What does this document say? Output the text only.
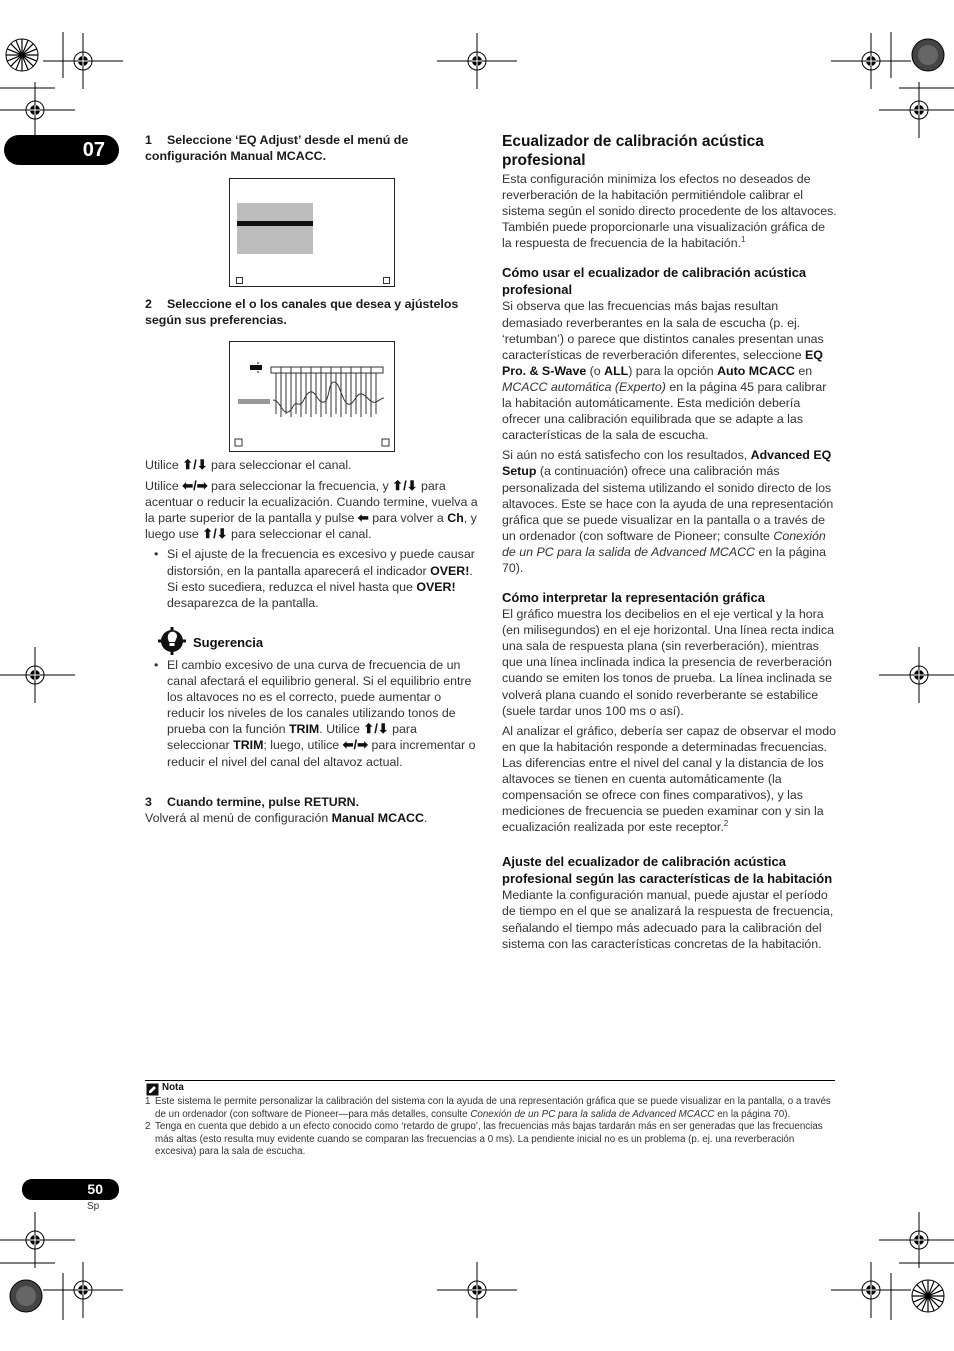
07	1 Seleccione ‘EQ Adjust’ desde el menú de configuración Manual MCACC.
2 Seleccione el o los canales que desea y ajústelos según sus preferencias.

Utilice ⬆/⬇ para seleccionar el canal.

Utilice ⬅/➡ para seleccionar la frecuencia, y ⬆/⬇ para acentuar o reducir la ecualización. Cuando termine, vuelva a la parte superior de la pantalla y pulse ⬅ para volver a Ch, y luego use ⬆/⬇ para seleccionar el canal.

• Si el ajuste de la frecuencia es excesivo y puede causar distorsión, en la pantalla aparecerá el indicador OVER!. Si esto sucediera, reduzca el nivel hasta que OVER! desaparezca de la pantalla.
Sugerencia
• El cambio excesivo de una curva de frecuencia de un canal afectará el equilibrio general. Si el equilibrio entre los altavoces no es el correcto, puede aumentar o reducir los niveles de los canales utilizando tonos de prueba con la función TRIM. Utilice ⬆/⬇ para seleccionar TRIM; luego, utilice ⬅/➡ para incrementar o reducir el nivel del canal del altavoz actual.
3 Cuando termine, pulse RETURN.

Volverá al menú de configuración Manual MCACC.

Ecualizador de calibración acústica profesional

Esta configuración minimiza los efectos no deseados de reverberación de la habitación permitiéndole calibrar el sistema según el sonido directo procedente de los altavoces. También puede proporcionarle una visualización gráfica de la respuesta de frecuencia de la habitación.$^1$

Cómo usar el ecualizador de calibración acústica profesional

Si observa que las frecuencias más bajas resultan demasiado reverberantes en la sala de escucha (p. ej. ‘retumban’) o parece que distintos canales presentan unas características de reverberación diferentes, seleccione EQ Pro. & S-Wave (o ALL) para la opción Auto MCACC en MCACC automática (Experto) en la página 45 para calibrar la habitación automáticamente. Esta medición debería ofrecer una calibración equilibrada que se adapte a las características de la sala de escucha.

Si aún no está satisfecho con los resultados, Advanced EQ Setup (a continuación) ofrece una calibración más personalizada del sistema utilizando el sonido directo de los altavoces. Este se hace con la ayuda de una representación gráfica que se puede visualizar en la pantalla o a través de un ordenador (con software de Pioneer; consulte Conexión de un PC para la salida de Advanced MCACC en la página 70).

Cómo interpretar la representación gráfica

El gráfico muestra los decibelios en el eje vertical y la hora (en milisegundos) en el eje horizontal. Una línea recta indica una sala de respuesta plana (sin reverberación), mientras que una línea inclinada indica la presencia de reverberación cuando se emiten los tonos de prueba. La línea inclinada se volverá plana cuando el sonido reverberante se estabilice (suele tardar unos 100 ms o así).

Al analizar el gráfico, debería ser capaz de observar el modo en que la habitación responde a determinadas frecuencias. Las diferencias entre el nivel del canal y la distancia de los altavoces se tienen en cuenta automáticamente (la compensación se ofrece con fines comparativos), y las mediciones de frecuencia se pueden examinar con y sin la ecualización realizada por este receptor.$^2$

Ajuste del ecualizador de calibración acústica profesional según las características de la habitación

Mediante la configuración manual, puede ajustar el período de tiempo en el que se analizará la respuesta de frecuencia, señalando el tiempo más adecuado para la calibración del sistema con las características concretas de la habitación.

Nota
1 Este sistema le permite personalizar la calibración del sistema con la ayuda de una representación gráfica que se puede visualizar en la pantalla, o a través de un ordenador (con software de Pioneer—para más detalles, consulte Conexión de un PC para la salida de Advanced MCACC en la página 70).
2 Tenga en cuenta que debido a un efecto conocido como ‘retardo de grupo’, las frecuencias más bajas tardarán más en ser generadas que las frecuencias más altas (esto resulta muy evidente cuando se comparan las frecuencias a 0 ms). La pendiente inicial no es un problema (p. ej. una reverberación excesiva) para la sala de escucha.
50
Sp
